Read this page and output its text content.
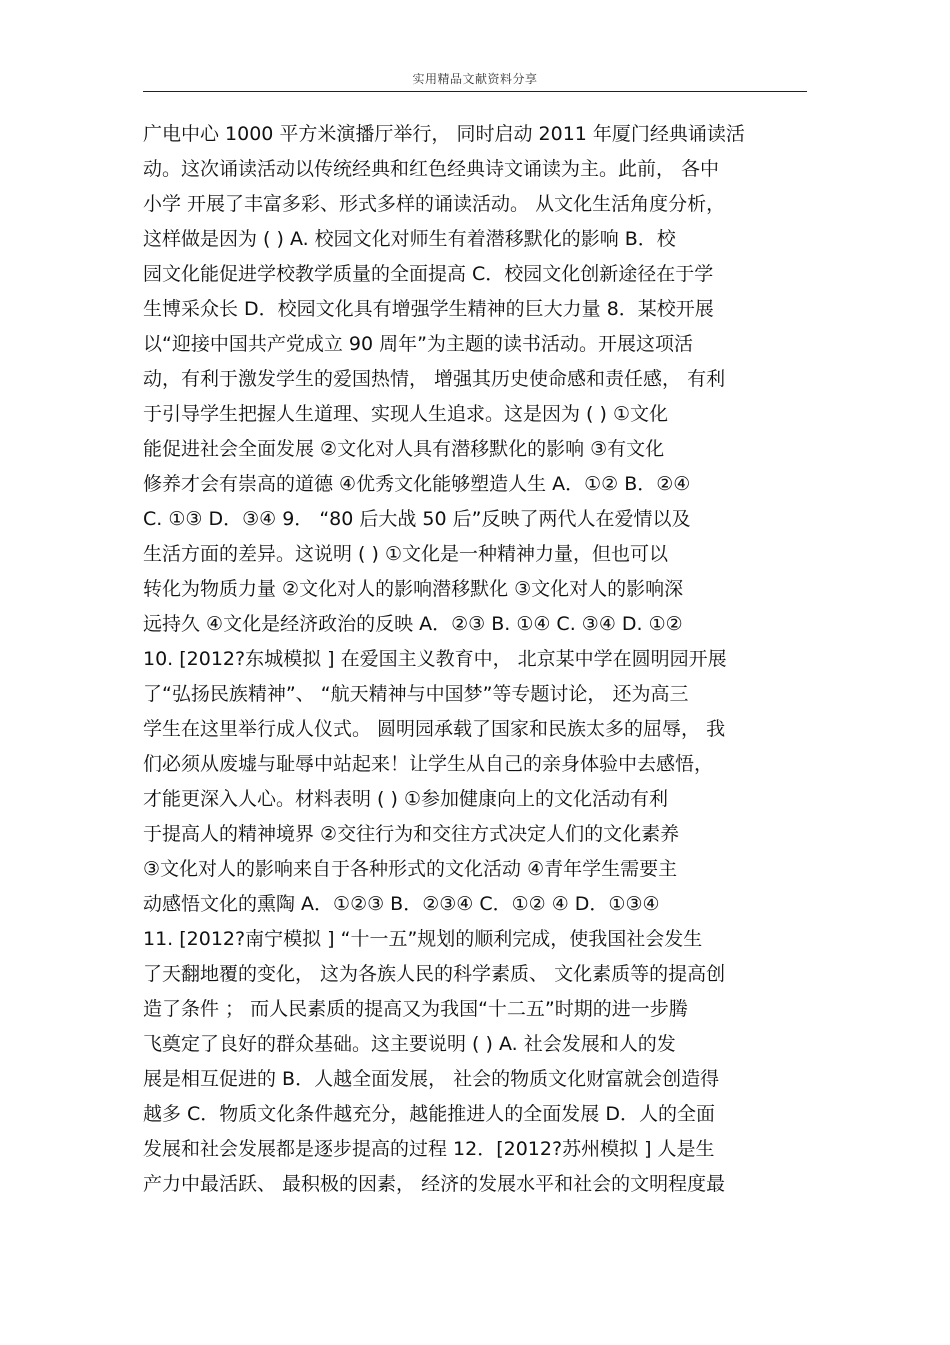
实用精品文献资料分享
广电中心 1000 平方米演播厅举行， 同时启动 2011 年厦门经典诵读活
动。这次诵读活动以传统经典和红色经典诗文诵读为主。此前， 各中
小学 开展了丰富多彩、形式多样的诵读活动。 从文化生活角度分析，
这样做是因为 ( ) A. 校园文化对师生有着潜移默化的影响 B．校
园文化能促进学校教学质量的全面提高 C．校园文化创新途径在于学
生博采众长 D．校园文化具有增强学生精神的巨大力量 8．某校开展
以“迎接中国共产党成立 90 周年”为主题的读书活动。开展这项活
动，有利于激发学生的爱国热情， 增强其历史使命感和责任感， 有利
于引导学生把握人生道理、实现人生追求。这是因为 ( ) ①文化
能促进社会全面发展 ②文化对人具有潜移默化的影响 ③有文化
修养才会有崇高的道德 ④优秀文化能够塑造人生 A．①② B．②④
C. ①③ D．③④ 9． “80 后大战 50 后”反映了两代人在爱情以及
生活方面的差异。这说明 ( ) ①文化是一种精神力量，但也可以
转化为物质力量 ②文化对人的影响潜移默化 ③文化对人的影响深
远持久 ④文化是经济政治的反映 A．②③ B. ①④ C. ③④ D. ①②
10. [2012?东城模拟 ] 在爱国主义教育中， 北京某中学在圆明园开展
了“弘扬民族精神”、 “航天精神与中国梦”等专题讨论， 还为高三
学生在这里举行成人仪式。 圆明园承载了国家和民族太多的屈辱， 我
们必须从废墟与耻辱中站起来！让学生从自己的亲身体验中去感悟，
才能更深入人心。材料表明 ( ) ①参加健康向上的文化活动有利
于提高人的精神境界 ②交往行为和交往方式决定人们的文化素养
③文化对人的影响来自于各种形式的文化活动 ④青年学生需要主
动感悟文化的熏陶 A．①②③ B．②③④ C．①② ④ D．①③④
11. [2012?南宁模拟 ] “十一五”规划的顺利完成，使我国社会发生
了天翻地覆的变化， 这为各族人民的科学素质、 文化素质等的提高创
造了条件 ； 而人民素质的提高又为我国“十二五”时期的进一步腾
飞奠定了良好的群众基础。这主要说明 ( ) A. 社会发展和人的发
展是相互促进的 B．人越全面发展， 社会的物质文化财富就会创造得
越多 C．物质文化条件越充分，越能推进人的全面发展 D．人的全面
发展和社会发展都是逐步提高的过程 12．[2012?苏州模拟 ] 人是生
产力中最活跃、 最积极的因素， 经济的发展水平和社会的文明程度最
